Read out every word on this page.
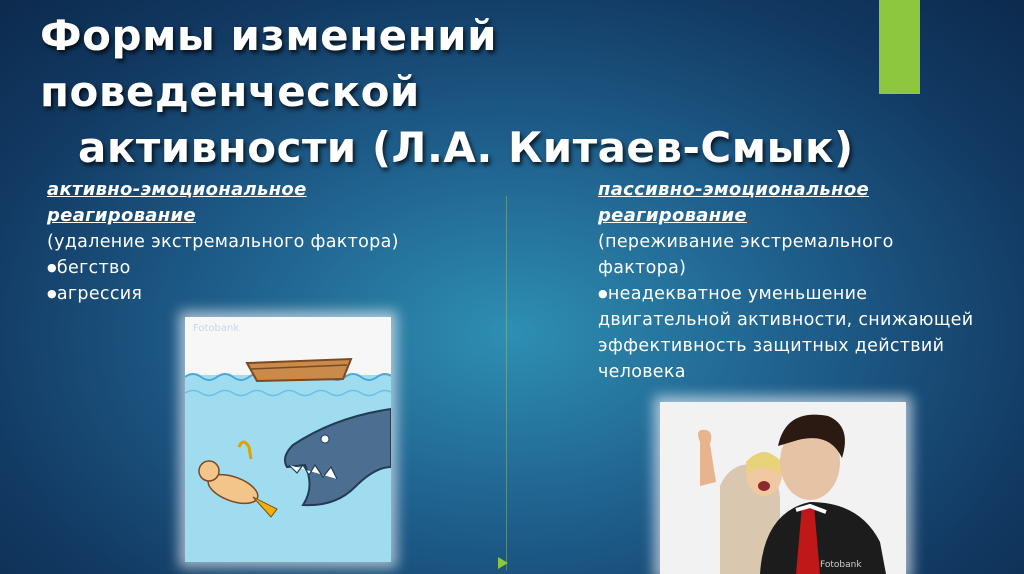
Формы изменений поведенческой
активности (Л.А. Китаев-Смык)
активно-эмоциональное
реагирование
(удаление экстремального фактора)
● бегство
● агрессия
пассивно-эмоциональное
реагирование
(переживание экстремального
фактора)
● неадекватное уменьшение
двигательной активности, снижающей
эффективность защитных действий
человека
Fotobank
Fotobank
